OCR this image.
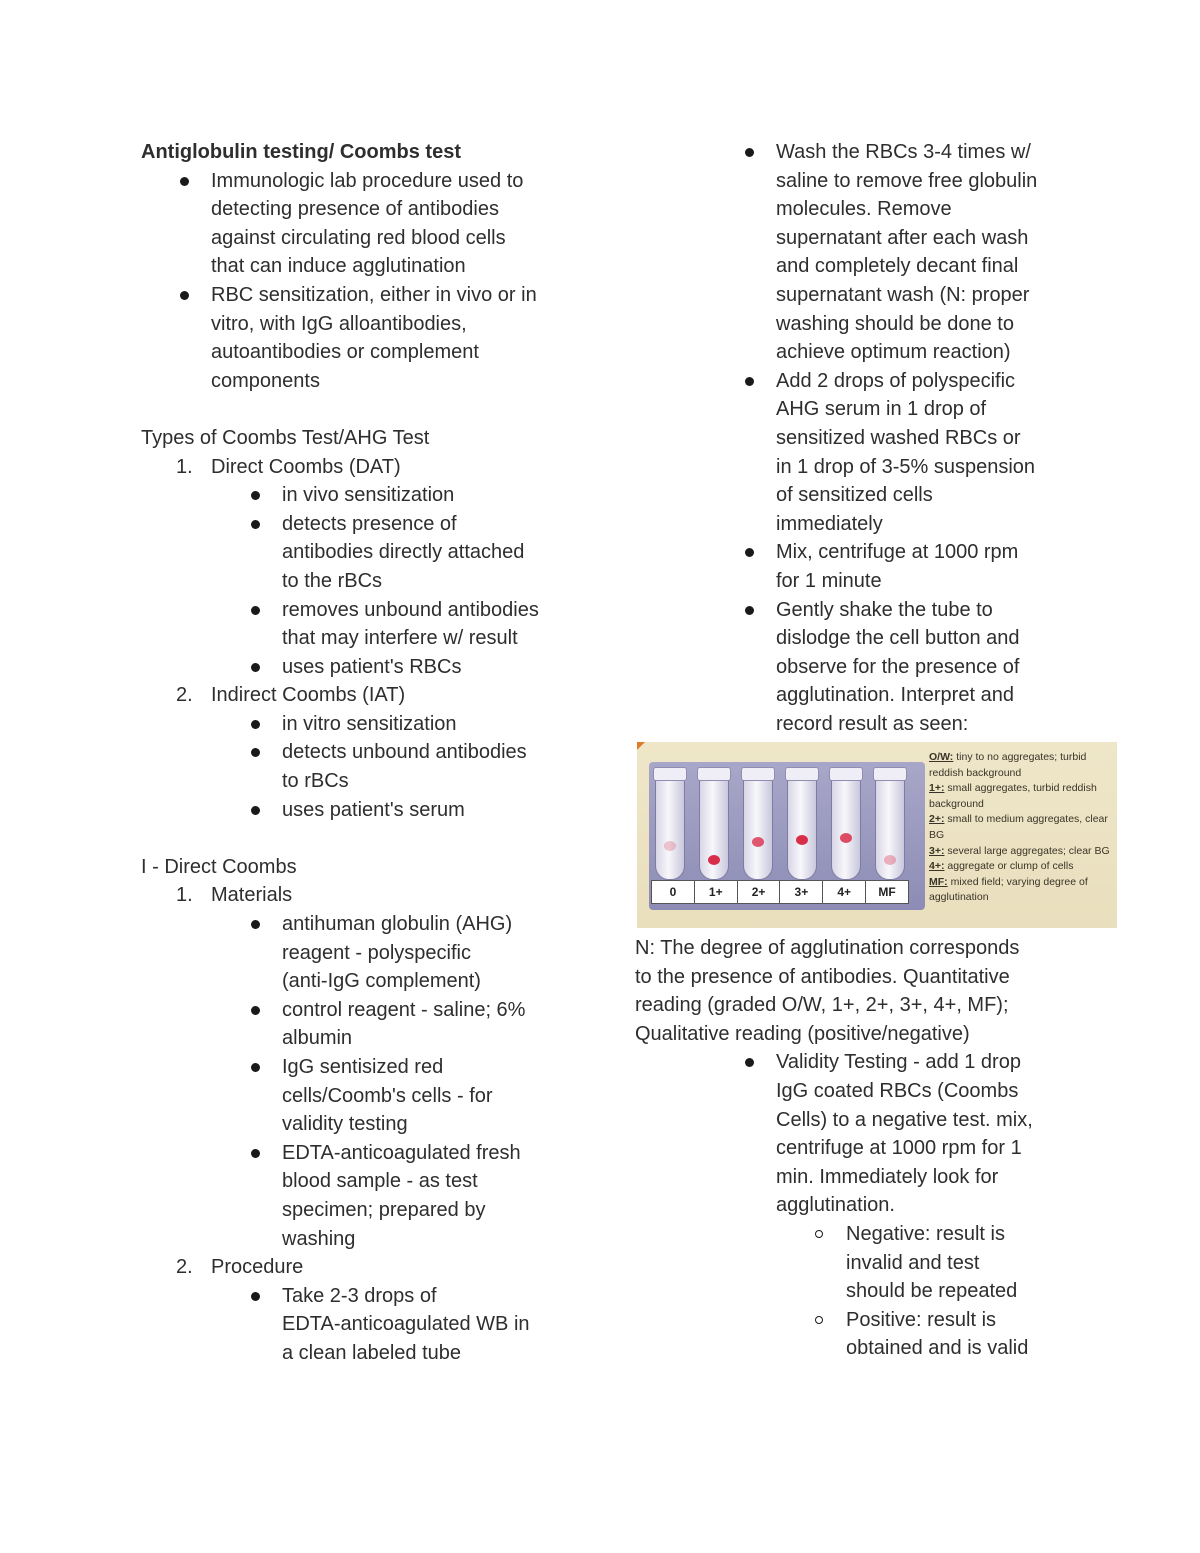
Antiglobulin testing/ Coombs test

Immunologic lab procedure used to
detecting presence of antibodies
against circulating red blood cells
that can induce agglutination
RBC sensitization, either in vivo or in
vitro, with IgG alloantibodies,
autoantibodies or complement
components

Types of Coombs Test/AHG Test

1. Direct Coombs (DAT)
in vivo sensitization
detects presence of
antibodies directly attached
to the rBCs
removes unbound antibodies
that may interfere w/ result
uses patient's RBCs
2. Indirect Coombs (IAT)
in vitro sensitization
detects unbound antibodies
to rBCs
uses patient's serum

I - Direct Coombs

1. Materials
antihuman globulin (AHG)
reagent - polyspecific
(anti-IgG complement)
control reagent - saline; 6%
albumin
IgG sentisized red
cells/Coomb's cells - for
validity testing
EDTA-anticoagulated fresh
blood sample - as test
specimen; prepared by
washing
2. Procedure
Take 2-3 drops of
EDTA-anticoagulated WB in
a clean labeled tube
Wash the RBCs 3-4 times w/
saline to remove free globulin
molecules. Remove
supernatant after each wash
and completely decant final
supernatant wash (N: proper
washing should be done to
achieve optimum reaction)
Add 2 drops of polyspecific
AHG serum in 1 drop of
sensitized washed RBCs or
in 1 drop of 3-5% suspension
of sensitized cells
immediately
Mix, centrifuge at 1000 rpm
for 1 minute
Gently shake the tube to
dislodge the cell button and
observe for the presence of
agglutination. Interpret and
record result as seen:
0	1+	2+	3+	4+	MF
O/W: tiny to no aggregates; turbid reddish background
1+: small aggregates, turbid reddish background
2+: small to medium aggregates, clear BG
3+: several large aggregates; clear BG
4+: aggregate or clump of cells
MF: mixed field; varying degree of agglutination

N: The degree of agglutination corresponds
to the presence of antibodies. Quantitative
reading (graded O/W, 1+, 2+, 3+, 4+, MF);
Qualitative reading (positive/negative)

Validity Testing - add 1 drop
IgG coated RBCs (Coombs
Cells) to a negative test. mix,
centrifuge at 1000 rpm for 1
min. Immediately look for
agglutination.
Negative: result is
invalid and test
should be repeated
Positive: result is
obtained and is valid
